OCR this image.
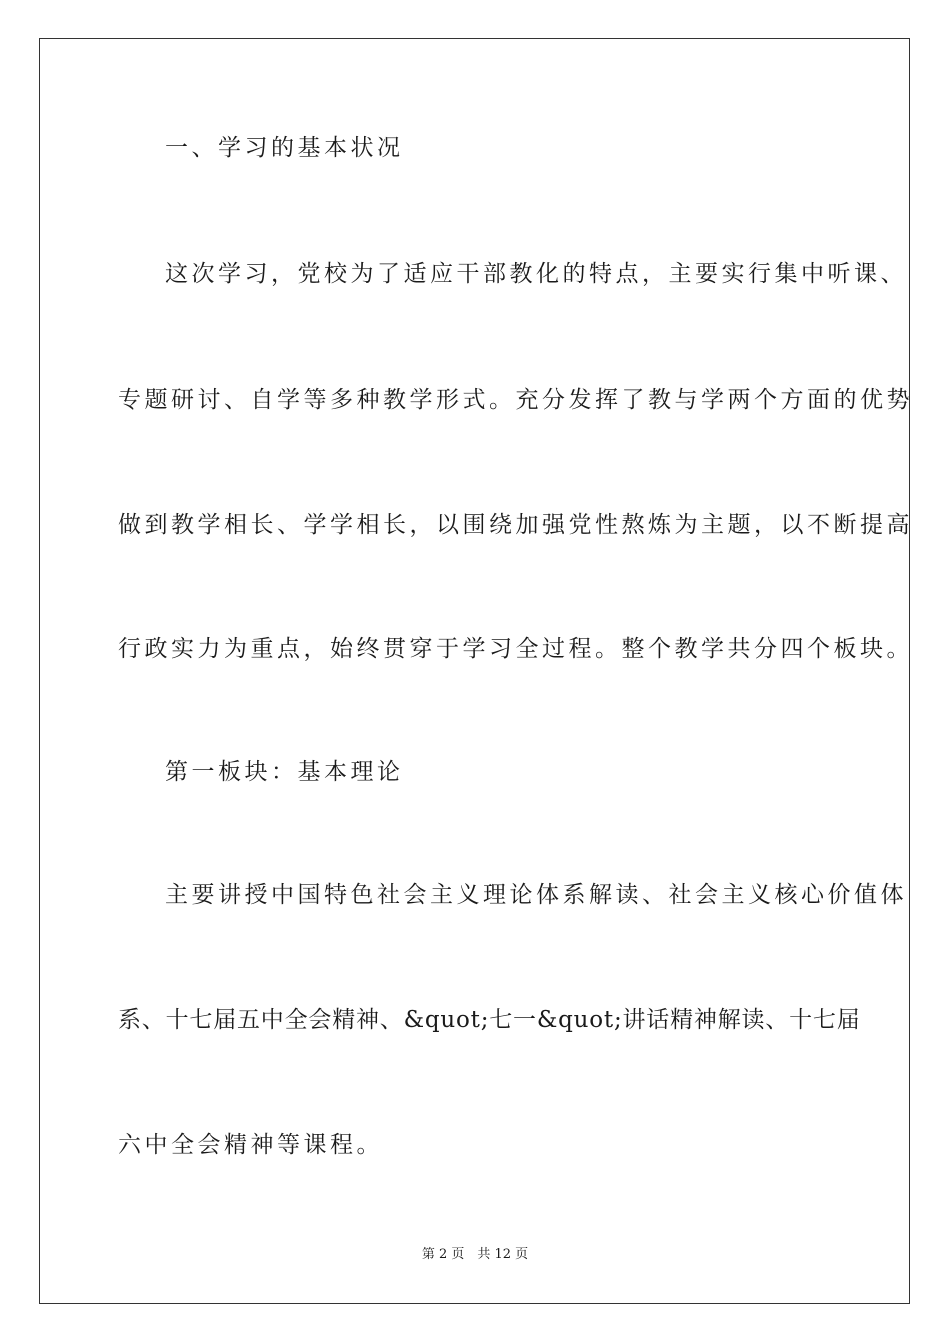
一、学习的基本状况
这次学习，党校为了适应干部教化的特点，主要实行集中听课、
专题研讨、自学等多种教学形式。充分发挥了教与学两个方面的优势
做到教学相长、学学相长，以围绕加强党性熬炼为主题，以不断提高
行政实力为重点，始终贯穿于学习全过程。整个教学共分四个板块。
第一板块：基本理论
主要讲授中国特色社会主义理论体系解读、社会主义核心价值体
系、十七届五中全会精神、&quot;七一&quot;讲话精神解读、十七届
六中全会精神等课程。
第 2 页　共 12 页
